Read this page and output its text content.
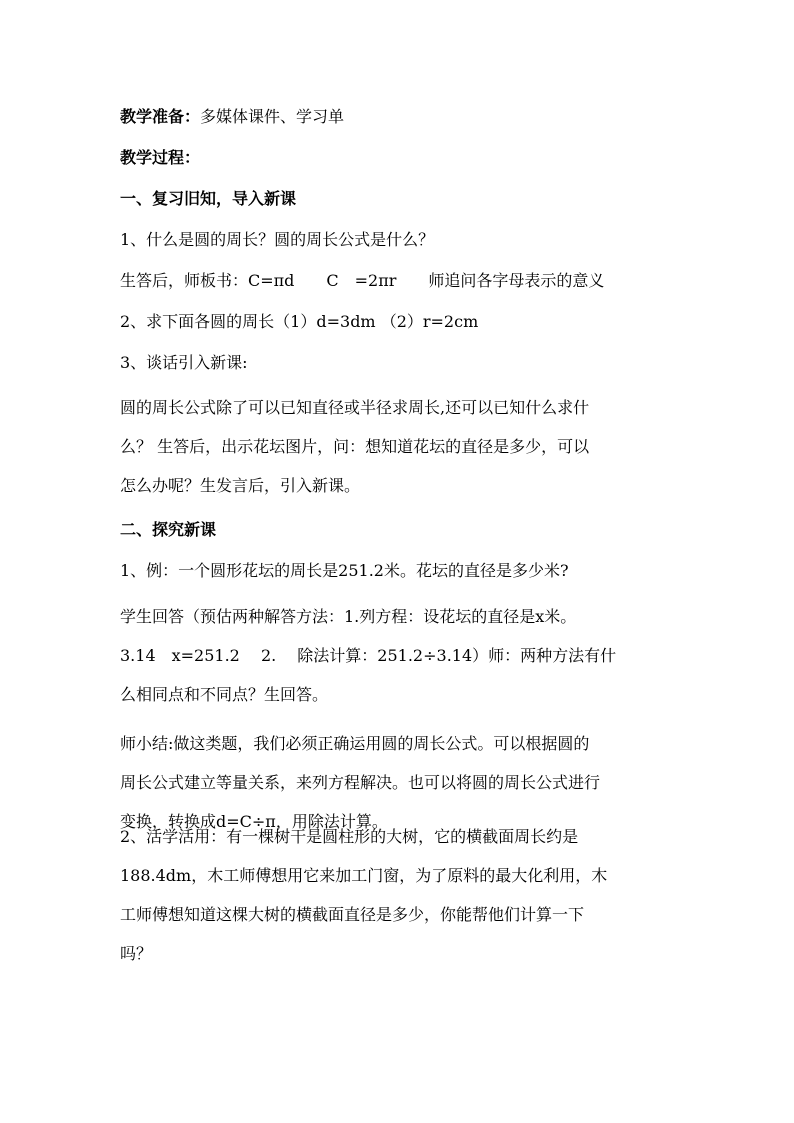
教学准备：多媒体课件、学习单
教学过程：
一、复习旧知，导入新课
1、什么是圆的周长？圆的周长公式是什么？
生答后，师板书：C=πd　　C　=2πr　　师追问各字母表示的意义
2、求下面各圆的周长（1）d=3dm （2）r=2cm
3、谈话引入新课:
圆的周长公式除了可以已知直径或半径求周长,还可以已知什么求什
么？ 生答后，出示花坛图片，问：想知道花坛的直径是多少，可以
怎么办呢？生发言后，引入新课。
二、探究新课
1、例：一个圆形花坛的周长是251.2米。花坛的直径是多少米?
学生回答（预估两种解答方法：1.列方程：设花坛的直径是x米。
3.14　x=251.2　 2.　 除法计算：251.2÷3.14）师：两种方法有什
么相同点和不同点？生回答。
师小结:做这类题，我们必须正确运用圆的周长公式。可以根据圆的
周长公式建立等量关系，来列方程解决。也可以将圆的周长公式进行
变换，转换成d=C÷π，用除法计算。
2、活学活用：有一棵树干是圆柱形的大树，它的横截面周长约是
188.4dm，木工师傅想用它来加工门窗，为了原料的最大化利用，木
工师傅想知道这棵大树的横截面直径是多少，你能帮他们计算一下
吗？
